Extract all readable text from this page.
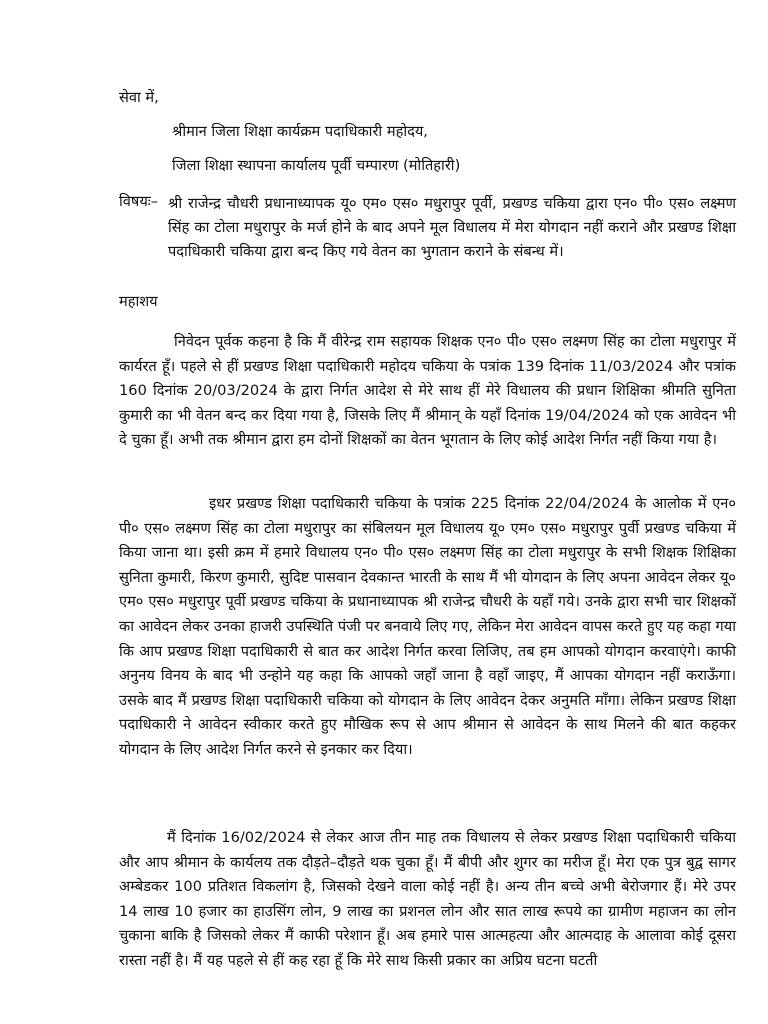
सेवा में,
श्रीमान जिला शिक्षा कार्यक्रम पदाधिकारी महोदय,
जिला शिक्षा स्थापना कार्यालय पूर्वी चम्पारण (मोतिहारी)
विषयः– श्री राजेन्द्र चौधरी प्रधानाध्यापक यू० एम० एस० मधुरापुर पूर्वी, प्रखण्ड चकिया द्वारा एन० पी० एस० लक्ष्मण सिंह का टोला मधुरापुर के मर्ज होने के बाद अपने मूल विधालय में मेरा योगदान नहीं कराने और प्रखण्ड शिक्षा पदाधिकारी चकिया द्वारा बन्द किए गये वेतन का भुगतान कराने के संबन्ध में।
महाशय
निवेदन पूर्वक कहना है कि मैं वीरेन्द्र राम सहायक शिक्षक एन० पी० एस० लक्ष्मण सिंह का टोला मधुरापुर में कार्यरत हूँ। पहले से हीं प्रखण्ड शिक्षा पदाधिकारी महोदय चकिया के पत्रांक 139 दिनांक 11/03/2024 और पत्रांक 160 दिनांक 20/03/2024 के द्वारा निर्गत आदेश से मेरे साथ हीं मेरे विधालय की प्रधान शिक्षिका श्रीमति सुनिता कुमारी का भी वेतन बन्द कर दिया गया है, जिसके लिए मैं श्रीमान् के यहाँ दिनांक 19/04/2024 को एक आवेदन भी दे चुका हूँ। अभी तक श्रीमान द्वारा हम दोनों शिक्षकों का वेतन भूगतान के लिए कोई आदेश निर्गत नहीं किया गया है।
इधर प्रखण्ड शिक्षा पदाधिकारी चकिया के पत्रांक 225 दिनांक 22/04/2024 के आलोक में एन० पी० एस० लक्ष्मण सिंह का टोला मधुरापुर का संबिलयन मूल विधालय यू० एम० एस० मधुरापुर पुर्वी प्रखण्ड चकिया में किया जाना था। इसी क्रम में हमारे विधालय एन० पी० एस० लक्ष्मण सिंह का टोला मधुरापुर के सभी शिक्षक शिक्षिका सुनिता कुमारी, किरण कुमारी, सुदिष्ट पासवान देवकान्त भारती के साथ मैं भी योगदान के लिए अपना आवेदन लेकर यू० एम० एस० मधुरापुर पूर्वी प्रखण्ड चकिया के प्रधानाध्यापक श्री राजेन्द्र चौधरी के यहाँ गये। उनके द्वारा सभी चार शिक्षकों का आवेदन लेकर उनका हाजरी उपस्थिति पंजी पर बनवाये लिए गए, लेकिन मेरा आवेदन वापस करते हुए यह कहा गया कि आप प्रखण्ड शिक्षा पदाधिकारी से बात कर आदेश निर्गत करवा लिजिए, तब हम आपको योगदान करवाएंगे। काफी अनुनय विनय के बाद भी उन्होने यह कहा कि आपको जहाँ जाना है वहाँ जाइए, मैं आपका योगदान नहीं कराऊँगा। उसके बाद मैं प्रखण्ड शिक्षा पदाधिकारी चकिया को योगदान के लिए आवेदन देकर अनुमति माँगा। लेकिन प्रखण्ड शिक्षा पदाधिकारी ने आवेदन स्वीकार करते हुए मौखिक रूप से आप श्रीमान से आवेदन के साथ मिलने की बात कहकर योगदान के लिए आदेश निर्गत करने से इनकार कर दिया।
मैं दिनांक 16/02/2024 से लेकर आज तीन माह तक विधालय से लेकर प्रखण्ड शिक्षा पदाधिकारी चकिया और आप श्रीमान के कार्यलय तक दौड़ते–दौड़ते थक चुका हूँ। मैं बीपी और शुगर का मरीज हूँ। मेरा एक पुत्र बुद्व सागर अम्बेडकर 100 प्रतिशत विकलांग है, जिसको देखने वाला कोई नहीं है। अन्य तीन बच्चे अभी बेरोजगार हैं। मेरे उपर 14 लाख 10 हजार का हाउसिंग लोन, 9 लाख का प्रशनल लोन और सात लाख रूपये का ग्रामीण महाजन का लोन चुकाना बाकि है जिसको लेकर मैं काफी परेशान हूँ। अब हमारे पास आत्महत्या और आत्मदाह के आलावा कोई दूसरा रास्ता नहीं है। मैं यह पहले से हीं कह रहा हूँ कि मेरे साथ किसी प्रकार का अप्रिय घटना घटती
